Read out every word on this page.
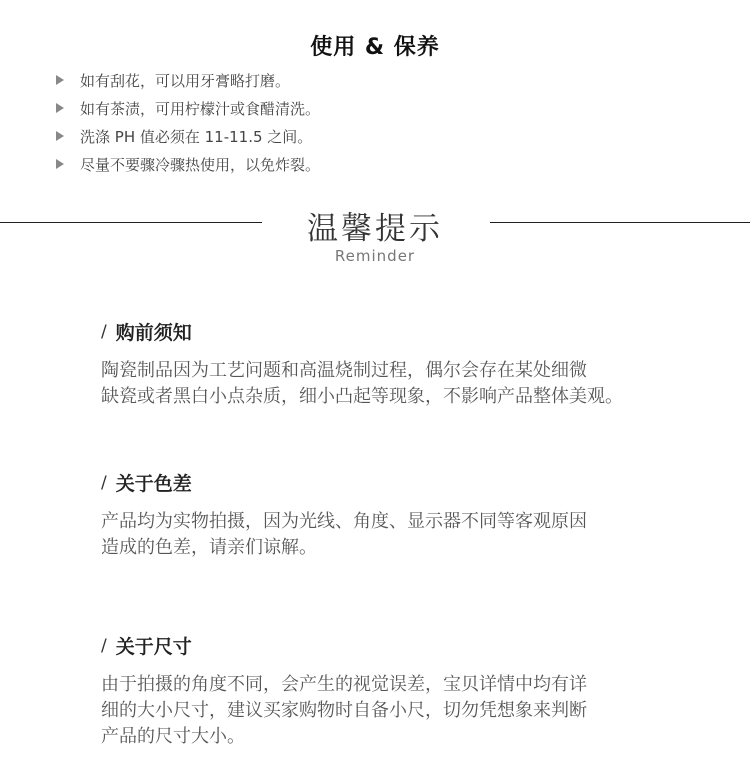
使用 & 保养
如有刮花，可以用牙膏略打磨。
如有茶渍，可用柠檬汁或食醋清洗。
洗涤 PH 值必须在 11-11.5 之间。
尽量不要骤冷骤热使用，以免炸裂。
温馨提示
Reminder
/ 购前须知
陶瓷制品因为工艺问题和高温烧制过程，偶尔会存在某处细微
缺瓷或者黑白小点杂质，细小凸起等现象，不影响产品整体美观。
/ 关于色差
产品均为实物拍摄，因为光线、角度、显示器不同等客观原因
造成的色差，请亲们谅解。
/ 关于尺寸
由于拍摄的角度不同，会产生的视觉误差，宝贝详情中均有详
细的大小尺寸，建议买家购物时自备小尺，切勿凭想象来判断
产品的尺寸大小。
